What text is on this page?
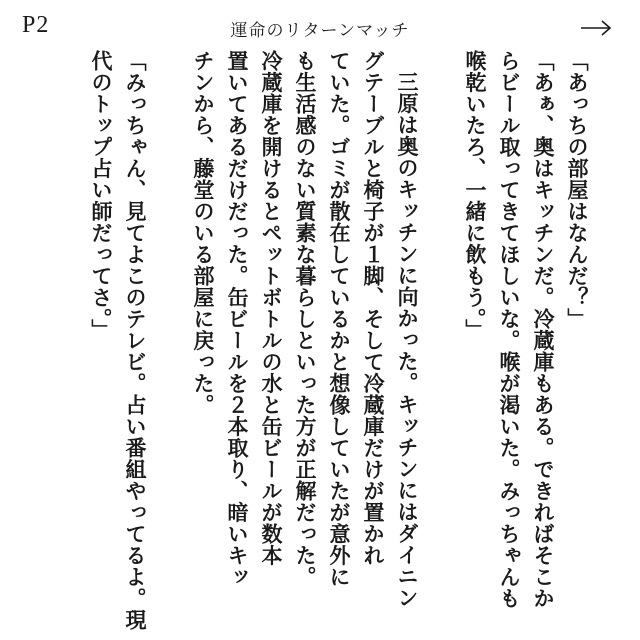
P2	運命のリターンマッチ
「あっちの部屋はなんだ？」
「あぁ、奥はキッチンだ。冷蔵庫もある。できればそこか
らビール取ってきてほしいな。喉が渇いた。みっちゃんも
喉乾いたろ、一緒に飲もう。」
三原は奥のキッチンに向かった。キッチンにはダイニン
グテーブルと椅子が１脚、そして冷蔵庫だけが置かれ
ていた。ゴミが散在しているかと想像していたが意外に
も生活感のない質素な暮らしといった方が正解だった。
冷蔵庫を開けるとペットボトルの水と缶ビールが数本
置いてあるだけだった。缶ビールを２本取り、暗いキッ
チンから、藤堂のいる部屋に戻った。
「みっちゃん、見てよこのテレビ。占い番組やってるよ。現
代のトップ占い師だってさ。」
